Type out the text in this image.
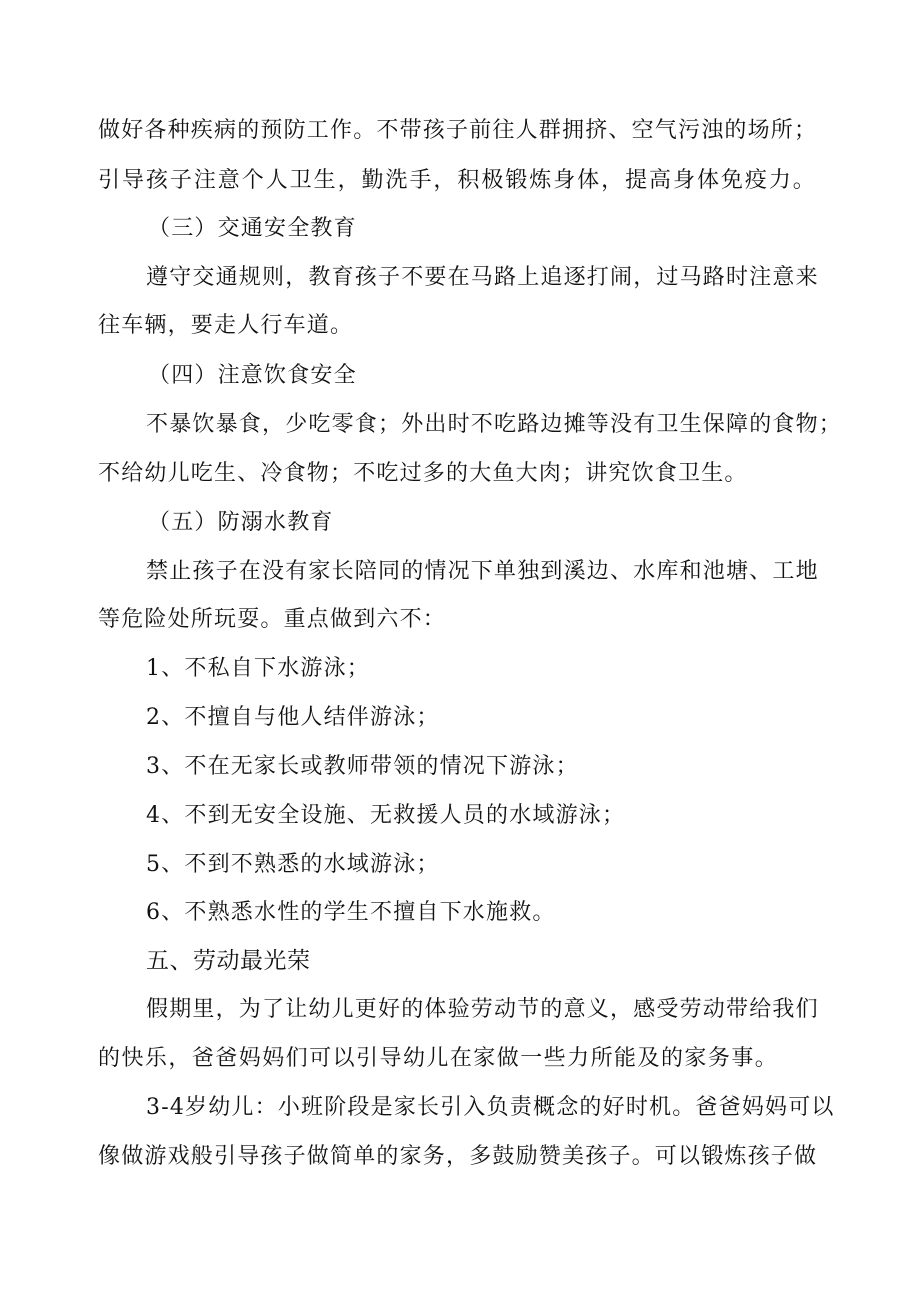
做好各种疾病的预防工作。不带孩子前往人群拥挤、空气污浊的场所；
引导孩子注意个人卫生，勤洗手，积极锻炼身体，提高身体免疫力。
（三）交通安全教育
遵守交通规则，教育孩子不要在马路上追逐打闹，过马路时注意来
往车辆，要走人行车道。
（四）注意饮食安全
不暴饮暴食，少吃零食；外出时不吃路边摊等没有卫生保障的食物；
不给幼儿吃生、冷食物；不吃过多的大鱼大肉；讲究饮食卫生。
（五）防溺水教育
禁止孩子在没有家长陪同的情况下单独到溪边、水库和池塘、工地
等危险处所玩耍。重点做到六不：
1、不私自下水游泳；
2、不擅自与他人结伴游泳；
3、不在无家长或教师带领的情况下游泳；
4、不到无安全设施、无救援人员的水域游泳；
5、不到不熟悉的水域游泳；
6、不熟悉水性的学生不擅自下水施救。
五、劳动最光荣
假期里，为了让幼儿更好的体验劳动节的意义，感受劳动带给我们
的快乐，爸爸妈妈们可以引导幼儿在家做一些力所能及的家务事。
3-4岁幼儿：小班阶段是家长引入负责概念的好时机。爸爸妈妈可以
像做游戏般引导孩子做简单的家务，多鼓励赞美孩子。可以锻炼孩子做
